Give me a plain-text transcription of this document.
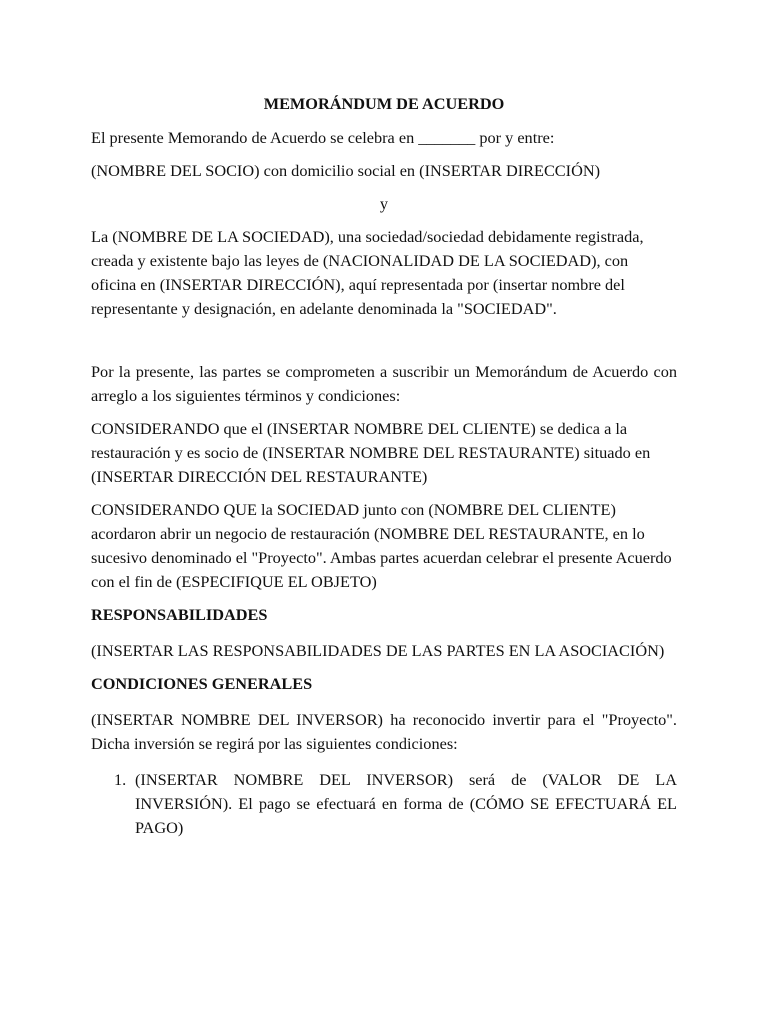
MEMORÁNDUM DE ACUERDO
El presente Memorando de Acuerdo se celebra en _______ por y entre:
(NOMBRE DEL SOCIO) con domicilio social en (INSERTAR DIRECCIÓN)
y
La (NOMBRE DE LA SOCIEDAD), una sociedad/sociedad debidamente registrada, creada y existente bajo las leyes de (NACIONALIDAD DE LA SOCIEDAD), con oficina en (INSERTAR DIRECCIÓN), aquí representada por (insertar nombre del representante y designación, en adelante denominada la "SOCIEDAD".
Por la presente, las partes se comprometen a suscribir un Memorándum de Acuerdo con arreglo a los siguientes términos y condiciones:
CONSIDERANDO que el (INSERTAR NOMBRE DEL CLIENTE) se dedica a la restauración y es socio de (INSERTAR NOMBRE DEL RESTAURANTE) situado en (INSERTAR DIRECCIÓN DEL RESTAURANTE)
CONSIDERANDO QUE la SOCIEDAD junto con (NOMBRE DEL CLIENTE) acordaron abrir un negocio de restauración (NOMBRE DEL RESTAURANTE, en lo sucesivo denominado el "Proyecto". Ambas partes acuerdan celebrar el presente Acuerdo con el fin de (ESPECIFIQUE EL OBJETO)
RESPONSABILIDADES
(INSERTAR LAS RESPONSABILIDADES DE LAS PARTES EN LA ASOCIACIÓN)
CONDICIONES GENERALES
(INSERTAR NOMBRE DEL INVERSOR) ha reconocido invertir para el "Proyecto". Dicha inversión se regirá por las siguientes condiciones:
1. (INSERTAR NOMBRE DEL INVERSOR) será de (VALOR DE LA INVERSIÓN). El pago se efectuará en forma de (CÓMO SE EFECTUARÁ EL PAGO)
